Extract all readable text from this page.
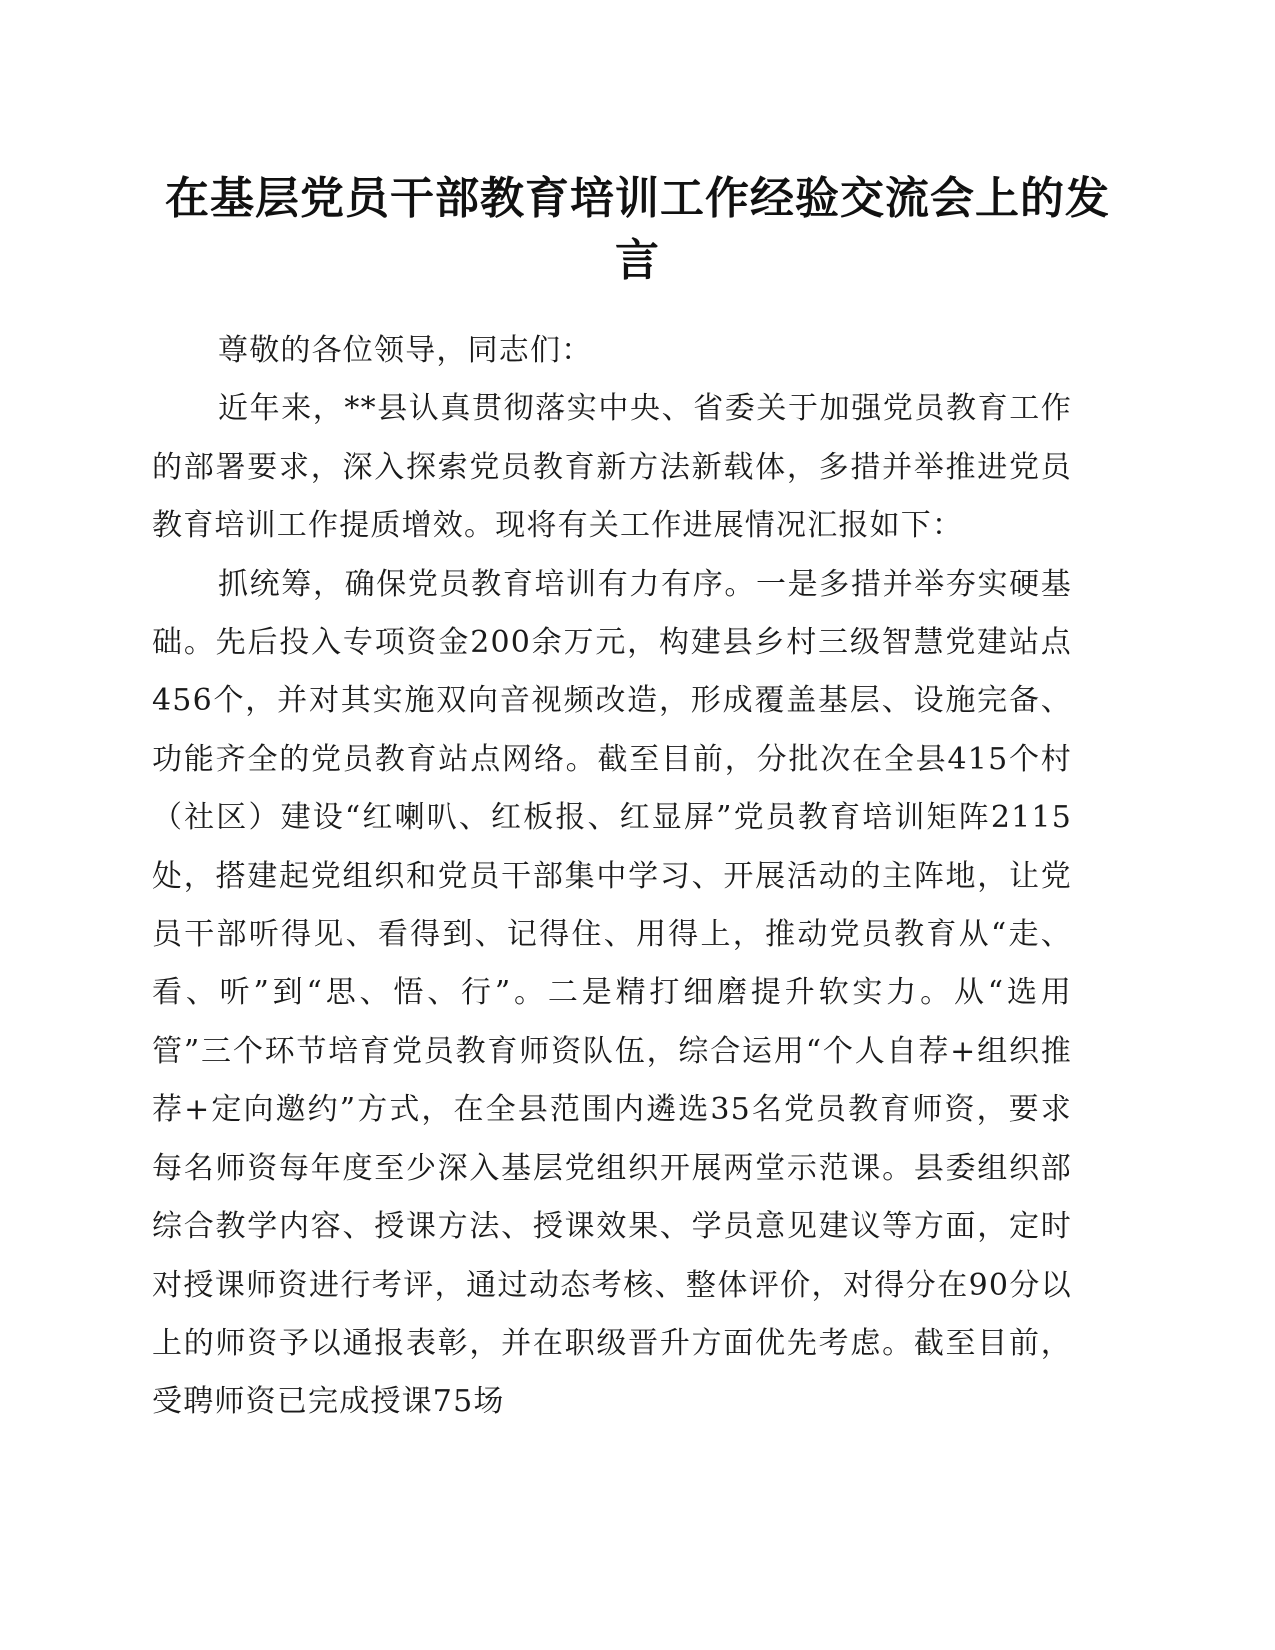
在基层党员干部教育培训工作经验交流会上的发言

尊敬的各位领导，同志们：

近年来，**县认真贯彻落实中央、省委关于加强党员教育工作的部署要求，深入探索党员教育新方法新载体，多措并举推进党员教育培训工作提质增效。现将有关工作进展情况汇报如下：

抓统筹，确保党员教育培训有力有序。一是多措并举夯实硬基础。先后投入专项资金200余万元，构建县乡村三级智慧党建站点456个，并对其实施双向音视频改造，形成覆盖基层、设施完备、功能齐全的党员教育站点网络。截至目前，分批次在全县415个村（社区）建设“红喇叭、红板报、红显屏”党员教育培训矩阵2115处，搭建起党组织和党员干部集中学习、开展活动的主阵地，让党员干部听得见、看得到、记得住、用得上，推动党员教育从“走、看、听”到“思、悟、行”。二是精打细磨提升软实力。从“选用管”三个环节培育党员教育师资队伍，综合运用“个人自荐+组织推荐+定向邀约”方式，在全县范围内遴选35名党员教育师资，要求每名师资每年度至少深入基层党组织开展两堂示范课。县委组织部综合教学内容、授课方法、授课效果、学员意见建议等方面，定时对授课师资进行考评，通过动态考核、整体评价，对得分在90分以上的师资予以通报表彰，并在职级晋升方面优先考虑。截至目前，受聘师资已完成授课75场
